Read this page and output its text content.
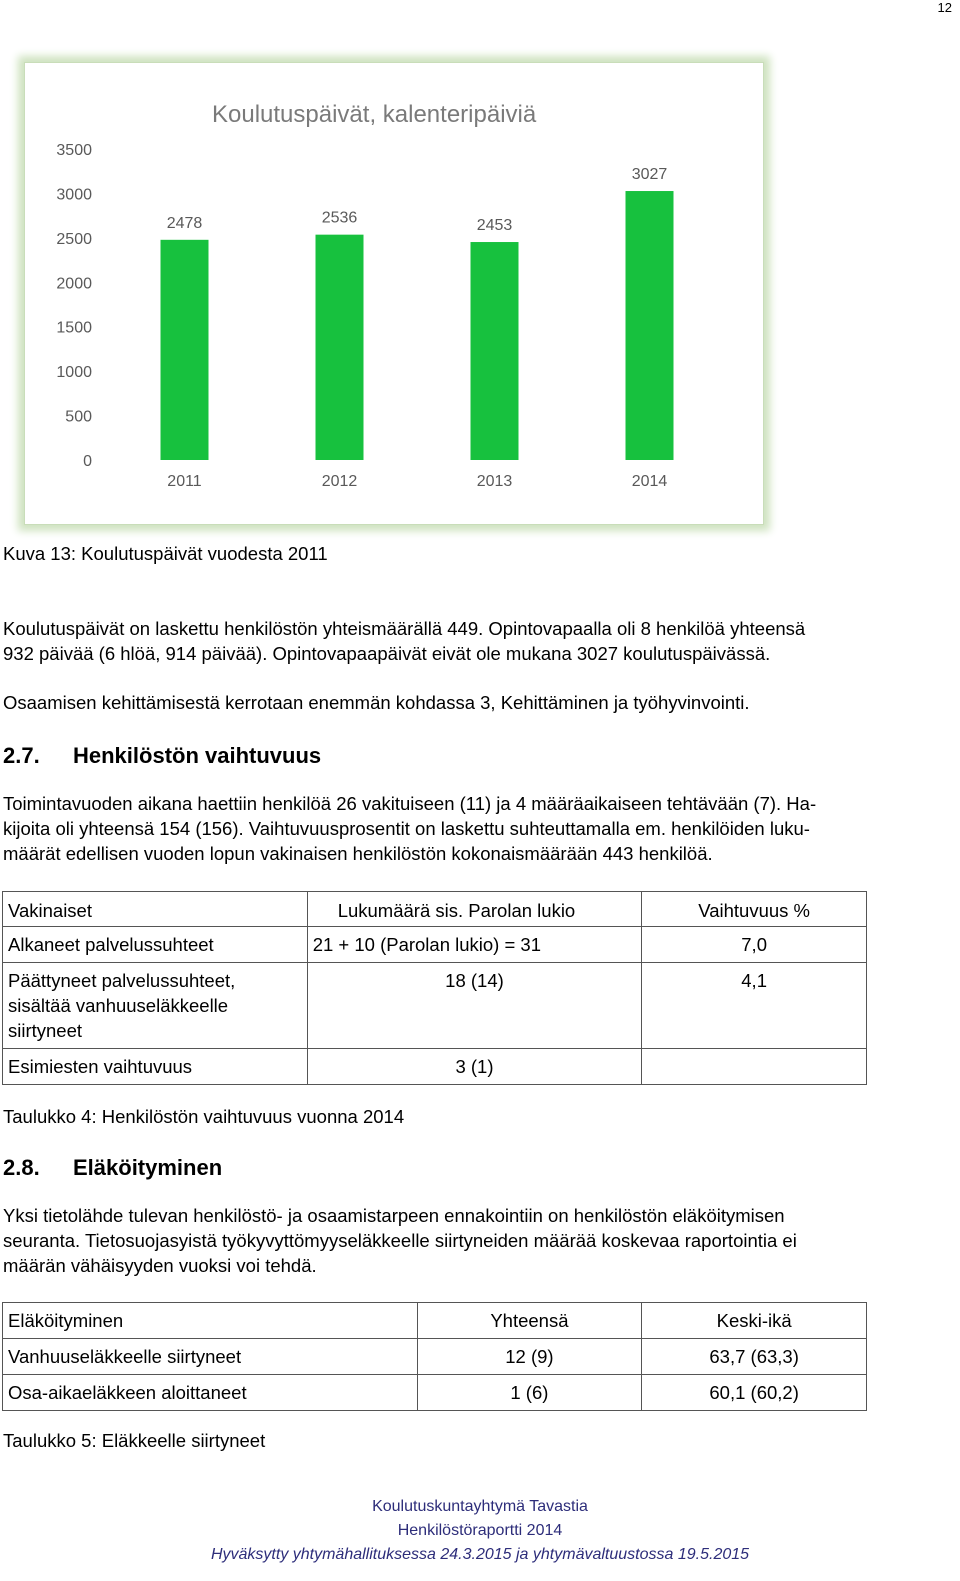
12
Koulutuspäivät, kalenteripäiviä
0
500
1000
1500
2000
2500
3000
3500
2478
2011
2536
2012
2453
2013
3027
2014

Kuva 13: Koulutuspäivät vuodesta 2011

Koulutuspäivät on laskettu henkilöstön yhteismäärällä 449. Opintovapaalla oli 8 henkilöä yhteensä

932 päivää (6 hlöä, 914 päivää). Opintovapaapäivät eivät ole mukana 3027 koulutuspäivässä.

Osaamisen kehittämisestä kerrotaan enemmän kohdassa 3, Kehittäminen ja työhyvinvointi.

2.7. Henkilöstön vaihtuvuus

Toimintavuoden aikana haettiin henkilöä 26 vakituiseen (11) ja 4 määräaikaiseen tehtävään (7). Ha-

kijoita oli yhteensä 154 (156). Vaihtuvuusprosentit on laskettu suhteuttamalla em. henkilöiden luku-

määrät edellisen vuoden lopun vakinaisen henkilöstön kokonaismäärään 443 henkilöä.

Vakinaiset	Lukumäärä sis. Parolan lukio	Vaihtuvuus %
Alkaneet palvelussuhteet	21 + 10 (Parolan lukio) = 31	7,0

Päättyneet palvelussuhteet,
sisältää vanhuuseläkkeelle
siirtyneet	18 (14)	4,1
Esimiesten vaihtuvuus	3 (1)	

Taulukko 4: Henkilöstön vaihtuvuus vuonna 2014

2.8. Eläköityminen

Yksi tietolähde tulevan henkilöstö- ja osaamistarpeen ennakointiin on henkilöstön eläköitymisen

seuranta. Tietosuojasyistä työkyvyttömyyseläkkeelle siirtyneiden määrää koskevaa raportointia ei

määrän vähäisyyden vuoksi voi tehdä.

Eläköityminen	Yhteensä	Keski-ikä
Vanhuuseläkkeelle siirtyneet	12 (9)	63,7 (63,3)
Osa-aikaeläkkeen aloittaneet	1 (6)	60,1 (60,2)

Taulukko 5: Eläkkeelle siirtyneet

Koulutuskuntayhtymä Tavastia
Henkilöstöraportti 2014
Hyväksytty yhtymähallituksessa 24.3.2015 ja yhtymävaltuustossa 19.5.2015
